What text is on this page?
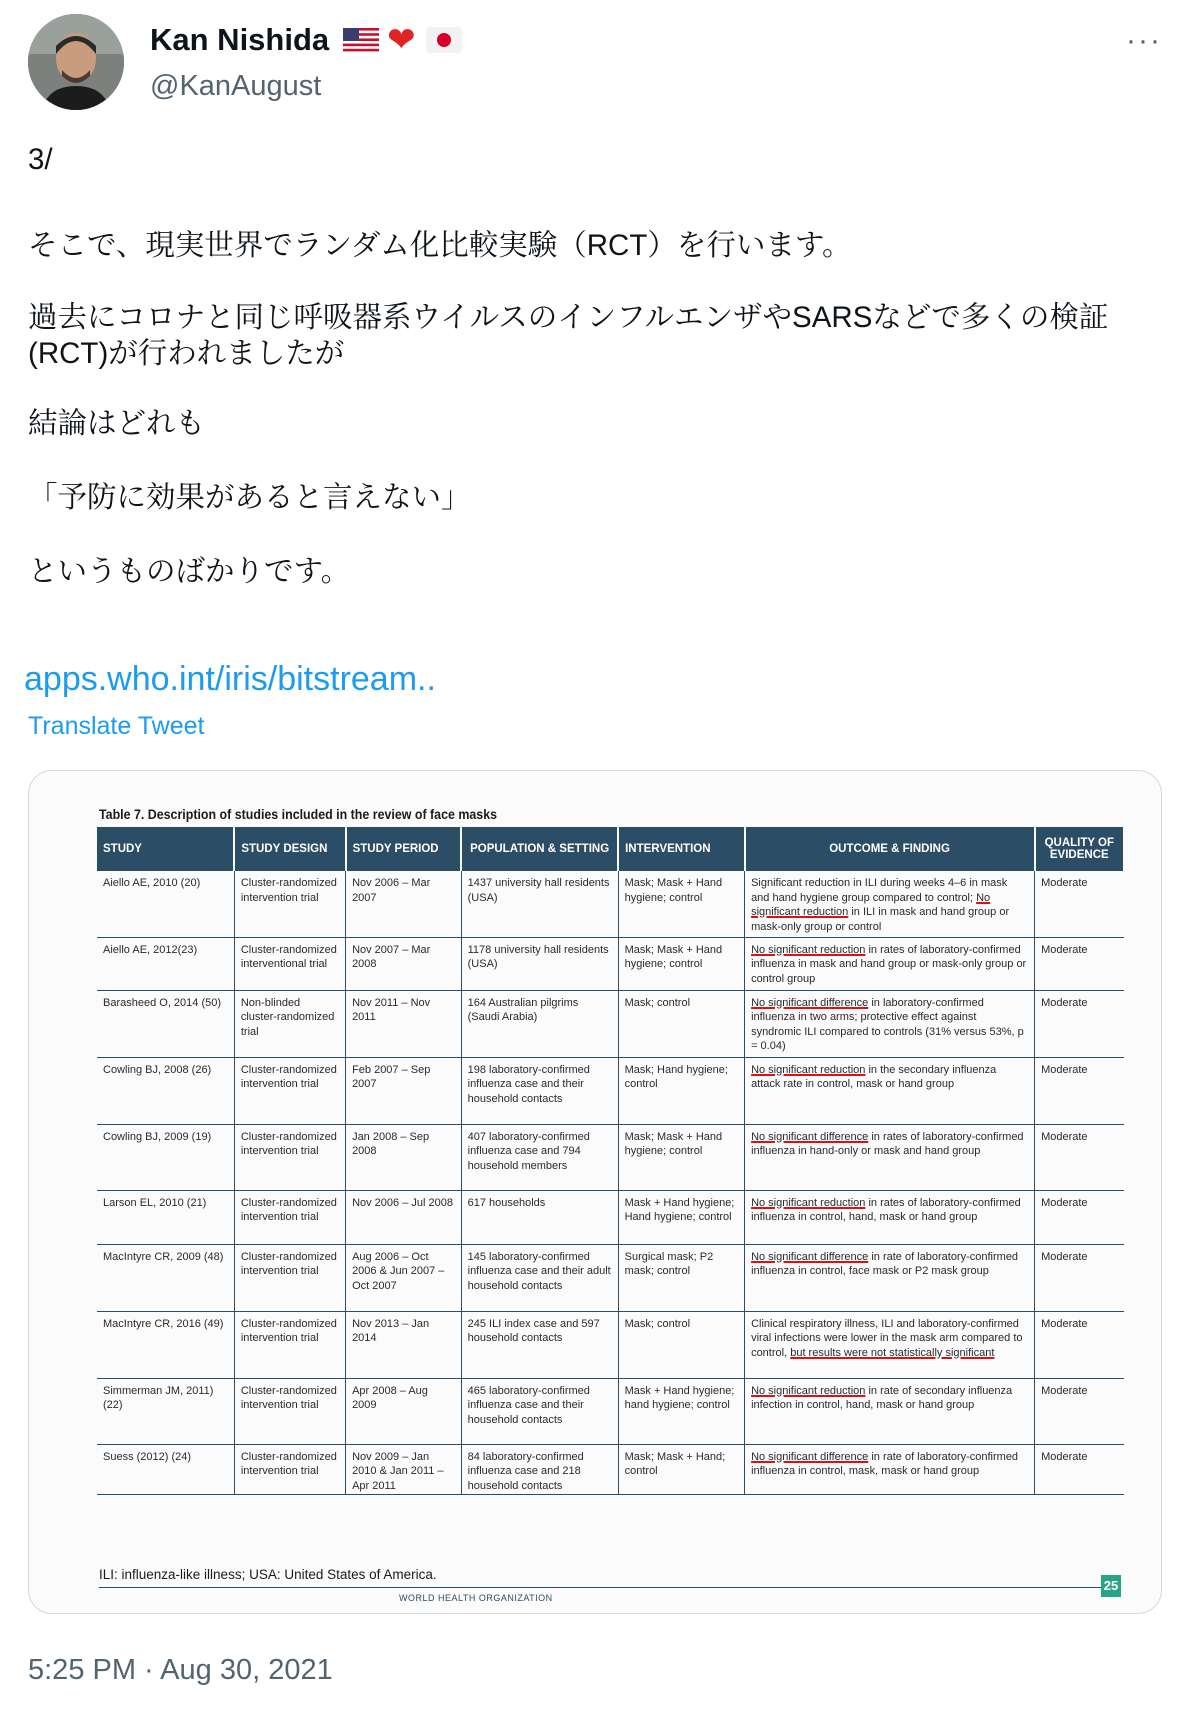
Kan Nishida ❤
@KanAugust
···

3/

そこで、現実世界でランダム化比較実験（RCT）を行います。

過去にコロナと同じ呼吸器系ウイルスのインフルエンザやSARSなどで多くの検証(RCT)が行われましたが

結論はどれも

「予防に効果があると言えない」

というものばかりです。

apps.who.int/iris/bitstream..
Translate Tweet
Table 7. Description of studies included in the review of face masks
STUDY	STUDY DESIGN	STUDY PERIOD	POPULATION & SETTING	INTERVENTION	OUTCOME & FINDING	QUALITY OF EVIDENCE
Aiello AE, 2010 (20)	Cluster-randomized intervention trial	Nov 2006 – Mar 2007	1437 university hall residents (USA)	Mask; Mask + Hand hygiene; control	Significant reduction in ILI during weeks 4–6 in mask and hand hygiene group compared to control; No significant reduction in ILI in mask and hand group or mask-only group or control	Moderate
Aiello AE, 2012(23)	Cluster-randomized interventional trial	Nov 2007 – Mar 2008	1178 university hall residents (USA)	Mask; Mask + Hand hygiene; control	No significant reduction in rates of laboratory-confirmed influenza in mask and hand group or mask-only group or control group	Moderate
Barasheed O, 2014 (50)	Non-blinded cluster-randomized trial	Nov 2011 – Nov 2011	164 Australian pilgrims (Saudi Arabia)	Mask; control	No significant difference in laboratory-confirmed influenza in two arms; protective effect against syndromic ILI compared to controls (31% versus 53%, p = 0.04)	Moderate
Cowling BJ, 2008 (26)	Cluster-randomized intervention trial	Feb 2007 – Sep 2007	198 laboratory-confirmed influenza case and their household contacts	Mask; Hand hygiene; control	No significant reduction in the secondary influenza attack rate in control, mask or hand group	Moderate
Cowling BJ, 2009 (19)	Cluster-randomized intervention trial	Jan 2008 – Sep 2008	407 laboratory-confirmed influenza case and 794 household members	Mask; Mask + Hand hygiene; control	No significant difference in rates of laboratory-confirmed influenza in hand-only or mask and hand group	Moderate
Larson EL, 2010 (21)	Cluster-randomized intervention trial	Nov 2006 – Jul 2008	617 households	Mask + Hand hygiene; Hand hygiene; control	No significant reduction in rates of laboratory-confirmed influenza in control, hand, mask or hand group	Moderate
MacIntyre CR, 2009 (48)	Cluster-randomized intervention trial	Aug 2006 – Oct 2006 & Jun 2007 – Oct 2007	145 laboratory-confirmed influenza case and their adult household contacts	Surgical mask; P2 mask; control	No significant difference in rate of laboratory-confirmed influenza in control, face mask or P2 mask group	Moderate
MacIntyre CR, 2016 (49)	Cluster-randomized intervention trial	Nov 2013 – Jan 2014	245 ILI index case and 597 household contacts	Mask; control	Clinical respiratory illness, ILI and laboratory-confirmed viral infections were lower in the mask arm compared to control, but results were not statistically significant	Moderate
Simmerman JM, 2011) (22)	Cluster-randomized intervention trial	Apr 2008 – Aug 2009	465 laboratory-confirmed influenza case and their household contacts	Mask + Hand hygiene; hand hygiene; control	No significant reduction in rate of secondary influenza infection in control, hand, mask or hand group	Moderate
Suess (2012) (24)	Cluster-randomized intervention trial	Nov 2009 – Jan 2010 & Jan 2011 – Apr 2011	84 laboratory-confirmed influenza case and 218 household contacts	Mask; Mask + Hand; control	No significant difference in rate of laboratory-confirmed influenza in control, mask, mask or hand group	Moderate
ILI: influenza-like illness; USA: United States of America.
WORLD HEALTH ORGANIZATION
25
5:25 PM · Aug 30, 2021
